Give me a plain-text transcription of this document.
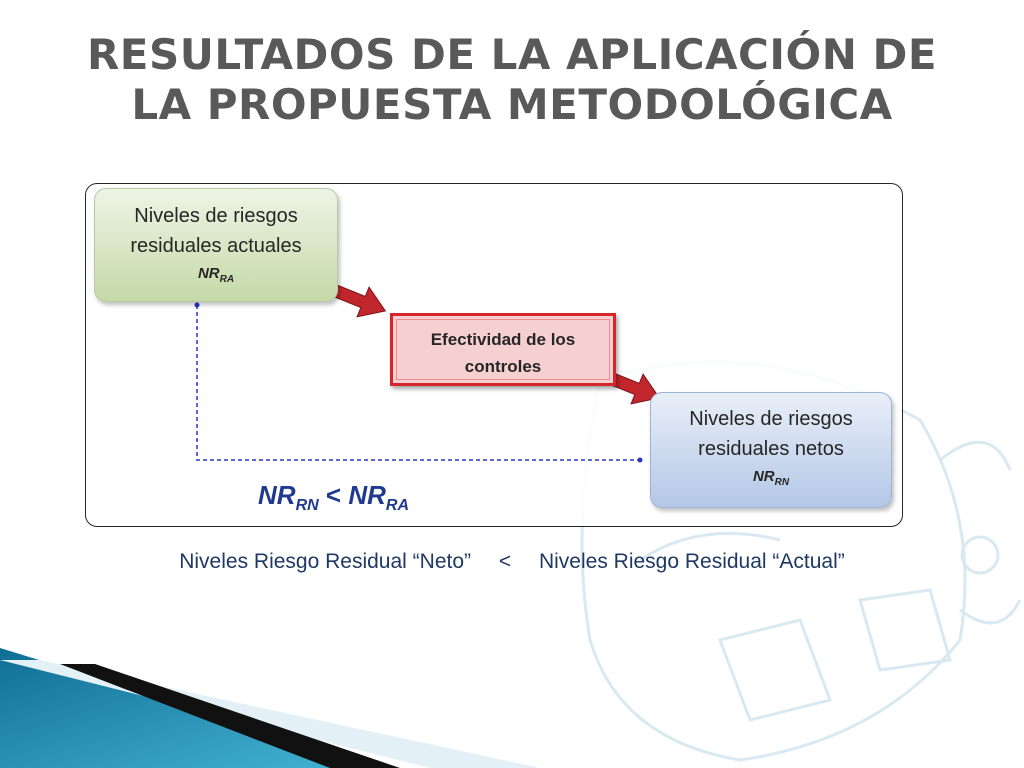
RESULTADOS DE LA APLICACIÓN DE
LA PROPUESTA METODOLÓGICA
Niveles de riesgos residuales actuales
$NR_{RA}$
Efectividad de los controles
Niveles de riesgos residuales netos
$NR_{RN}$
$NR_{RN} < NR_{RA}$
Niveles Riesgo Residual “Neto” < Niveles Riesgo Residual “Actual”
